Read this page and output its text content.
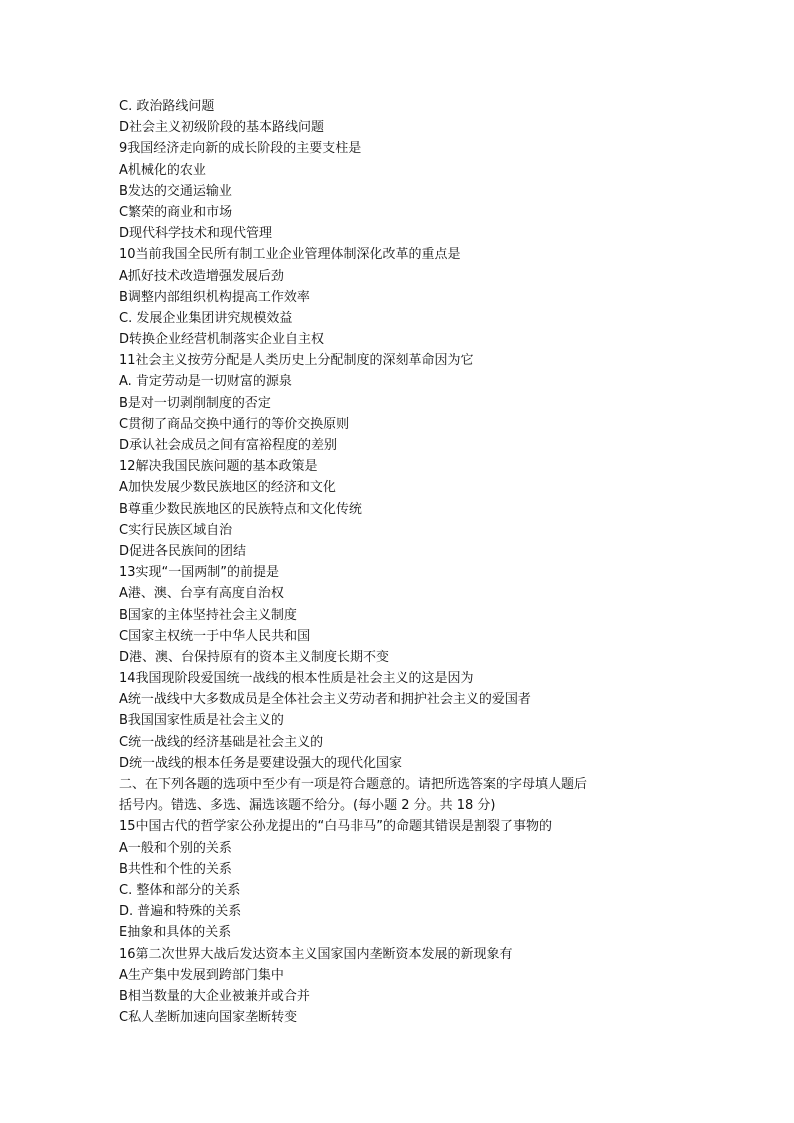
C. 政治路线问题
D社会主义初级阶段的基本路线问题
9我国经济走向新的成长阶段的主要支柱是
A机械化的农业
B发达的交通运输业
C繁荣的商业和市场
D现代科学技术和现代管理
10当前我国全民所有制工业企业管理体制深化改革的重点是
A抓好技术改造增强发展后劲
B调整内部组织机构提高工作效率
C. 发展企业集团讲究规模效益
D转换企业经营机制落实企业自主权
11社会主义按劳分配是人类历史上分配制度的深刻革命因为它
A. 肯定劳动是一切财富的源泉
B是对一切剥削制度的否定
C贯彻了商品交换中通行的等价交换原则
D承认社会成员之间有富裕程度的差别
12解决我国民族问题的基本政策是
A加快发展少数民族地区的经济和文化
B尊重少数民族地区的民族特点和文化传统
C实行民族区域自治
D促进各民族间的团结
13实现“一国两制”的前提是
A港、澳、台享有高度自治权
B国家的主体坚持社会主义制度
C国家主权统一于中华人民共和国
D港、澳、台保持原有的资本主义制度长期不变
14我国现阶段爱国统一战线的根本性质是社会主义的这是因为
A统一战线中大多数成员是全体社会主义劳动者和拥护社会主义的爱国者
B我国国家性质是社会主义的
C统一战线的经济基础是社会主义的
D统一战线的根本任务是要建设强大的现代化国家
二、在下列各题的选项中至少有一项是符合题意的。请把所选答案的字母填人题后
括号内。错选、多选、漏选该题不给分。(每小题 2 分。共 18 分)
15中国古代的哲学家公孙龙提出的“白马非马”的命题其错误是割裂了事物的
A一般和个别的关系
B共性和个性的关系
C. 整体和部分的关系
D. 普遍和特殊的关系
E抽象和具体的关系
16第二次世界大战后发达资本主义国家国内垄断资本发展的新现象有
A生产集中发展到跨部门集中
B相当数量的大企业被兼并或合并
C私人垄断加速向国家垄断转变
